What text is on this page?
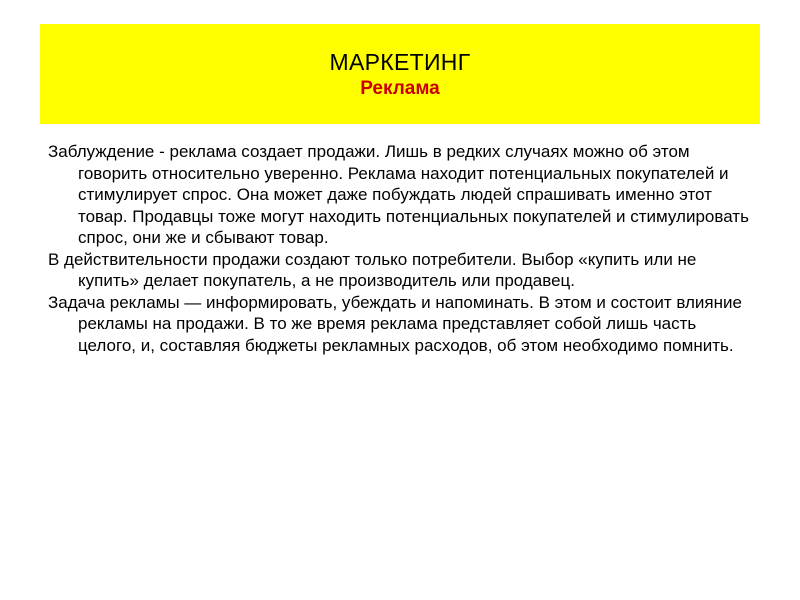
МАРКЕТИНГ
Реклама

Заблуждение - реклама создает продажи. Лишь в редких случаях можно об этом говорить относительно уверенно. Реклама находит потенциальных покупателей и стимулирует спрос. Она может даже побуждать людей спрашивать именно этот товар. Продавцы тоже могут находить потенциальных покупателей и стимулировать спрос, они же и сбывают товар.

В действительности продажи создают только потребители. Выбор «купить или не купить» делает покупатель, а не производитель или продавец.

Задача рекламы — информировать, убеждать и напоминать. В этом и состоит влияние рекламы на продажи. В то же время реклама представляет собой лишь часть целого, и, составляя бюджеты рекламных расходов, об этом необходимо помнить.
